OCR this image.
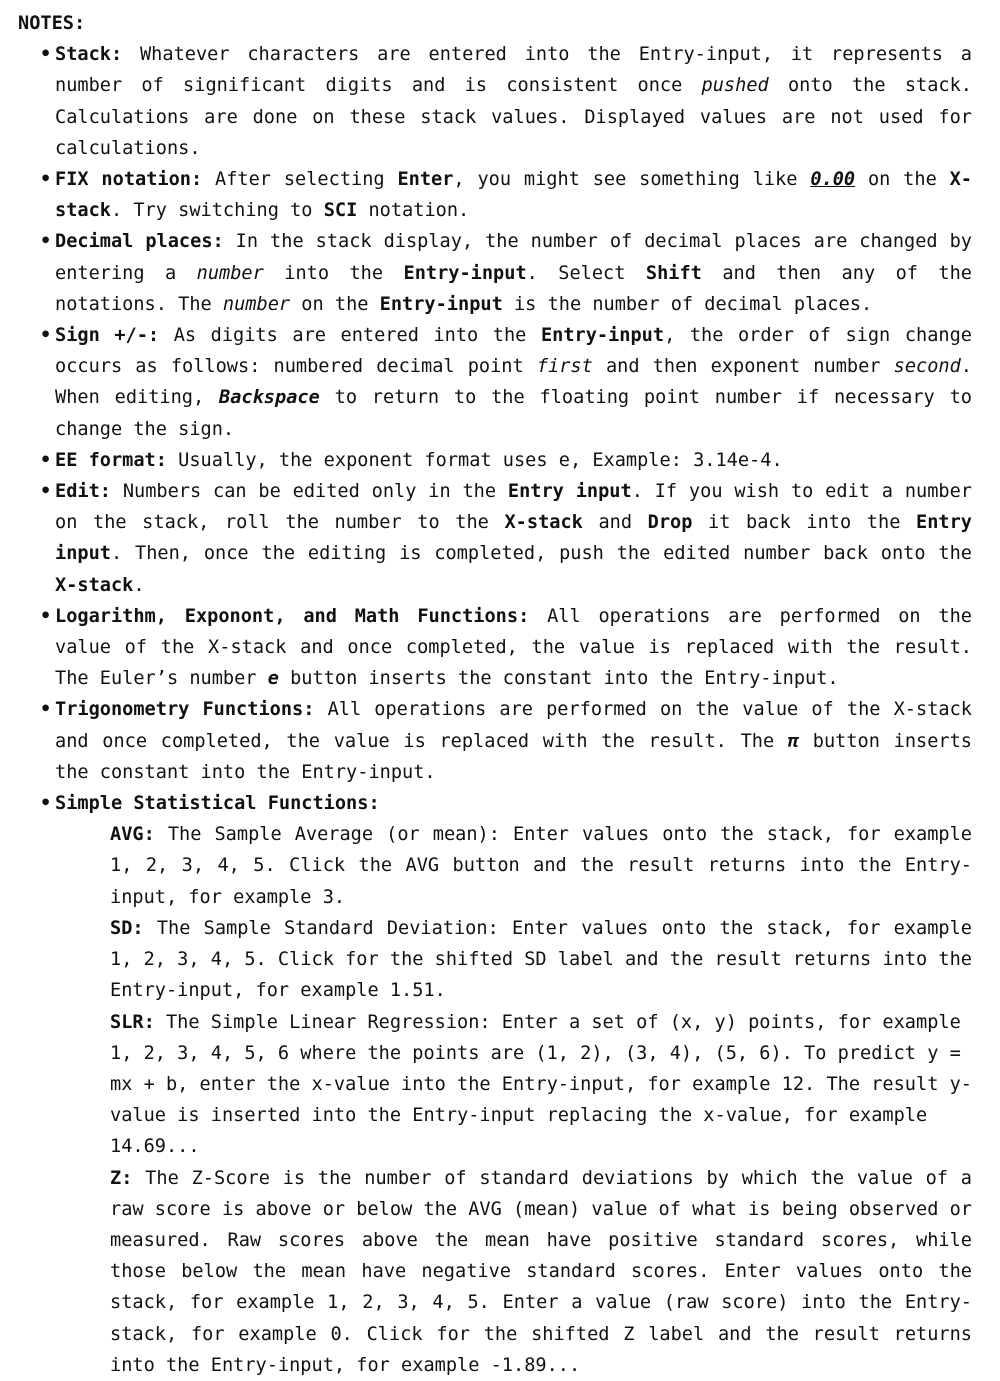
NOTES:
• Stack: Whatever characters are entered into the Entry-input, it represents a number of significant digits and is consistent once pushed onto the stack. Calculations are done on these stack values. Displayed values are not used for calculations.
• FIX notation: After selecting Enter, you might see something like 0.00 on the X-stack. Try switching to SCI notation.
• Decimal places: In the stack display, the number of decimal places are changed by entering a number into the Entry-input. Select Shift and then any of the notations. The number on the Entry-input is the number of decimal places.
• Sign +/-: As digits are entered into the Entry-input, the order of sign change occurs as follows: numbered decimal point first and then exponent number second. When editing, Backspace to return to the floating point number if necessary to change the sign.
• EE format: Usually, the exponent format uses e, Example: 3.14e-4.
• Edit: Numbers can be edited only in the Entry input. If you wish to edit a number on the stack, roll the number to the X-stack and Drop it back into the Entry input. Then, once the editing is completed, push the edited number back onto the X-stack.
• Logarithm, Exponont, and Math Functions: All operations are performed on the value of the X-stack and once completed, the value is replaced with the result. The Euler’s number e button inserts the constant into the Entry-input.
• Trigonometry Functions: All operations are performed on the value of the X-stack and once completed, the value is replaced with the result. The π button inserts the constant into the Entry-input.
• Simple Statistical Functions:
AVG: The Sample Average (or mean): Enter values onto the stack, for example 1, 2, 3, 4, 5. Click the AVG button and the result returns into the Entry-input, for example 3.
SD: The Sample Standard Deviation: Enter values onto the stack, for example 1, 2, 3, 4, 5. Click for the shifted SD label and the result returns into the Entry-input, for example 1.51.
SLR: The Simple Linear Regression: Enter a set of (x, y) points, for example 1, 2, 3, 4, 5, 6 where the points are (1, 2), (3, 4), (5, 6). To predict y = mx + b, enter the x-value into the Entry-input, for example 12. The result y-value is inserted into the Entry-input replacing the x-value, for example 14.69...
Z: The Z-Score is the number of standard deviations by which the value of a raw score is above or below the AVG (mean) value of what is being observed or measured. Raw scores above the mean have positive standard scores, while those below the mean have negative standard scores. Enter values onto the stack, for example 1, 2, 3, 4, 5. Enter a value (raw score) into the Entry-stack, for example 0. Click for the shifted Z label and the result returns into the Entry-input, for example -1.89...
